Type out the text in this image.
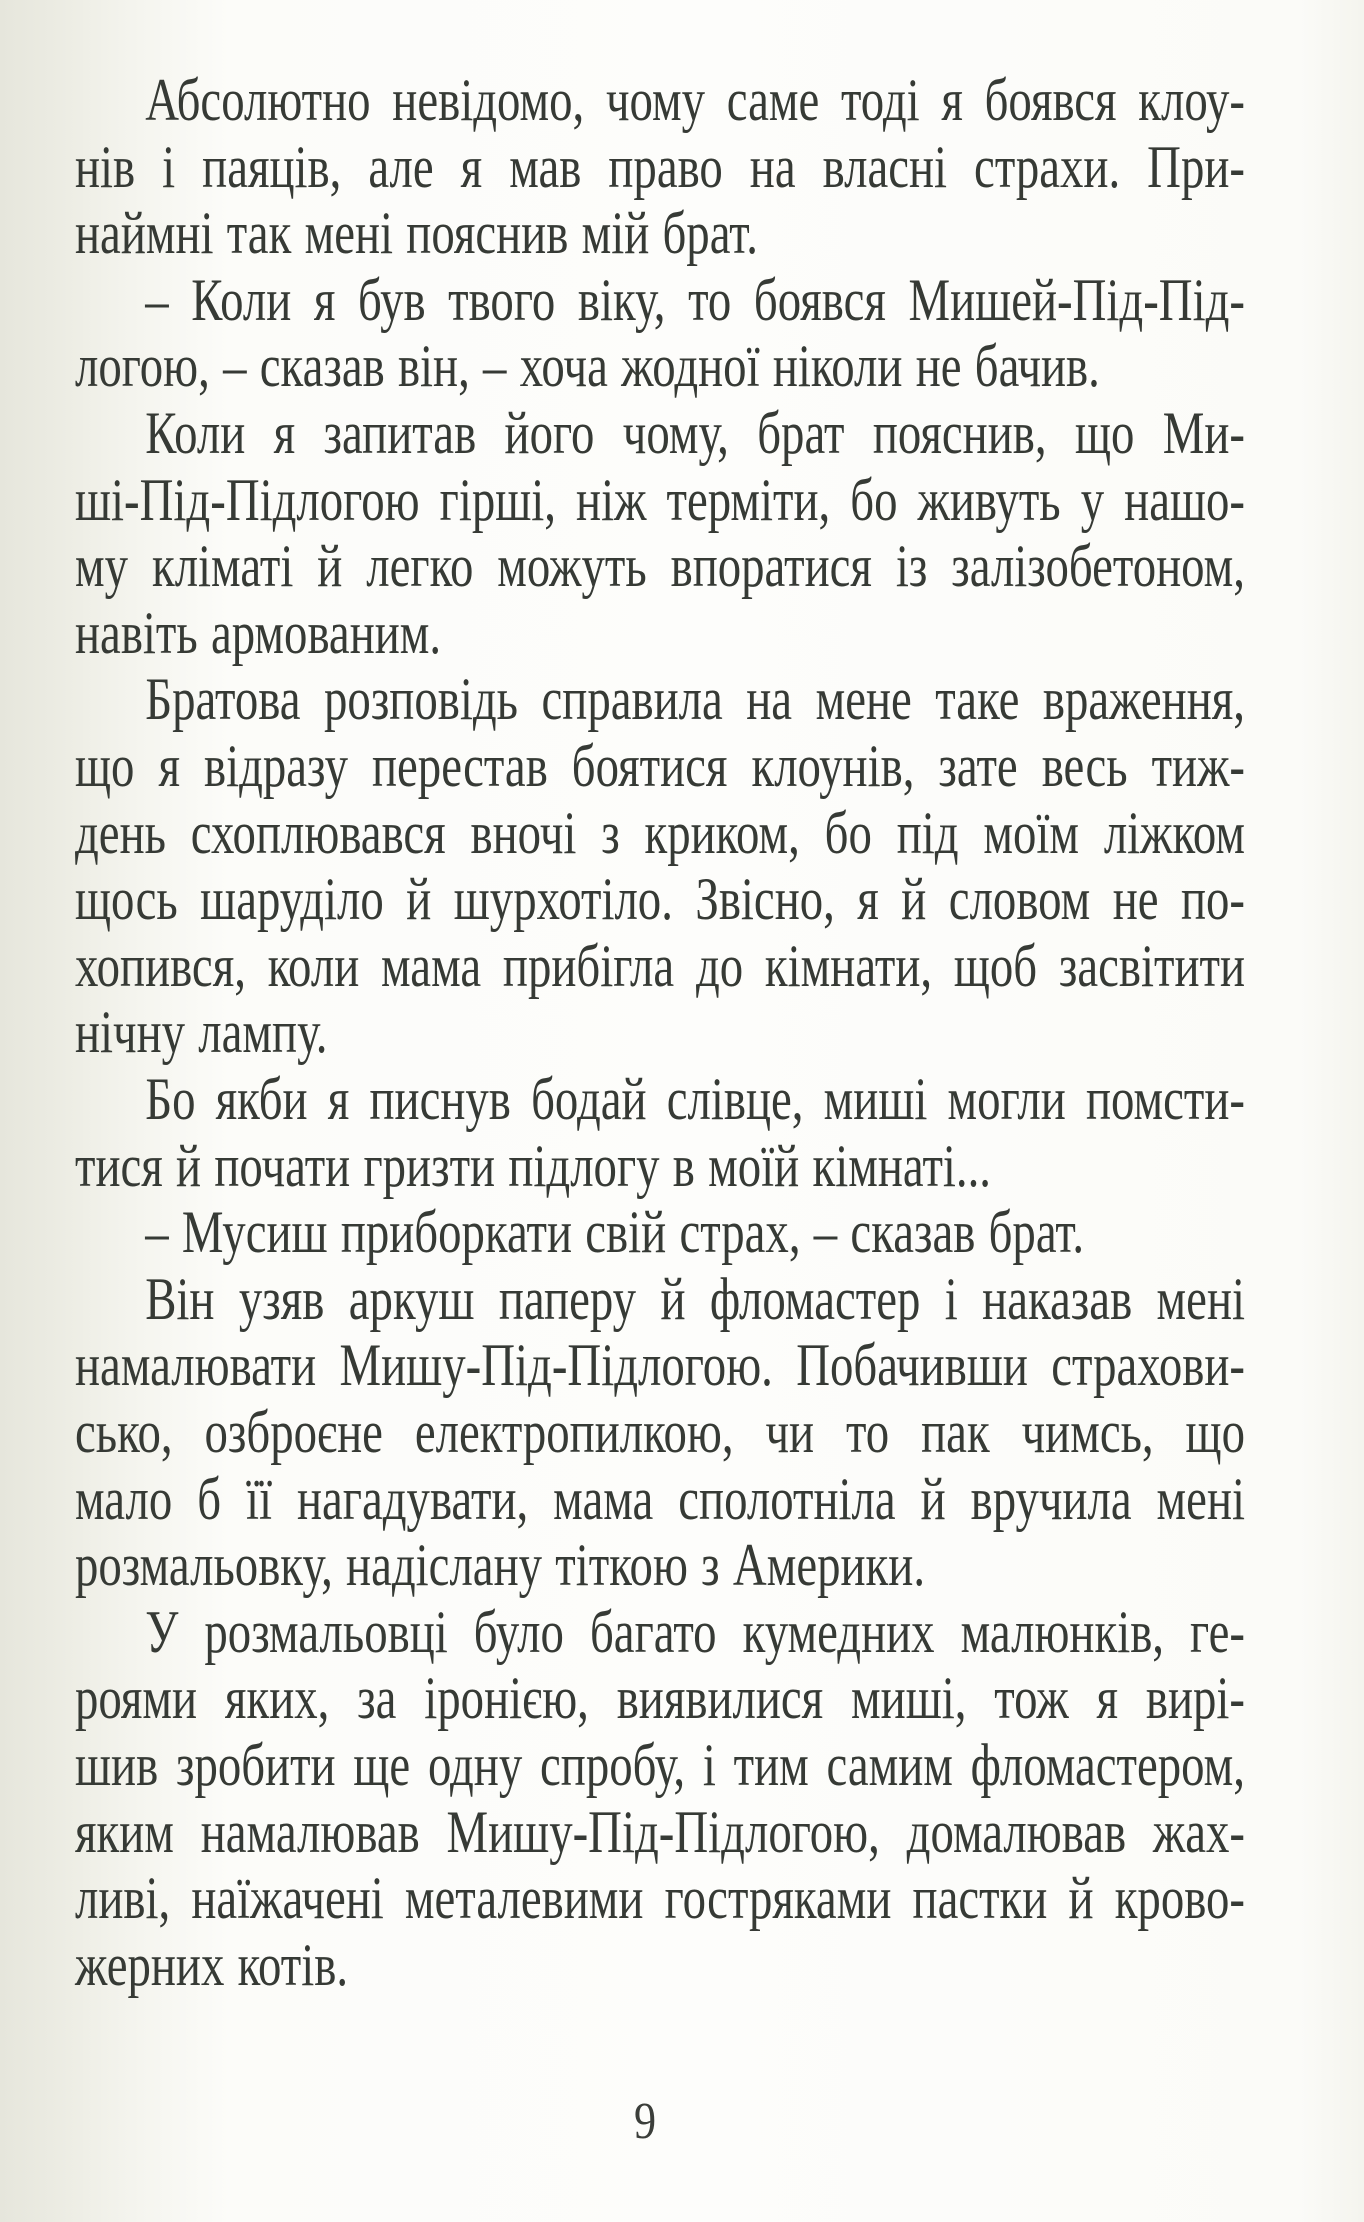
Абсолютно невідомо, чому саме тоді я боявся клоу-
нів і паяців, але я мав право на власні страхи. При-
наймні так мені пояснив мій брат.
– Коли я був твого віку, то боявся Мишей-Під-Під-
логою, – сказав він, – хоча жодної ніколи не бачив.
Коли я запитав його чому, брат пояснив, що Ми-
ші-Під-Підлогою гірші, ніж терміти, бо живуть у нашо-
му кліматі й легко можуть впоратися із залізобетоном,
навіть армованим.
Братова розповідь справила на мене таке враження,
що я відразу перестав боятися клоунів, зате весь тиж-
день схоплювався вночі з криком, бо під моїм ліжком
щось шаруділо й шурхотіло. Звісно, я й словом не по-
хопився, коли мама прибігла до кімнати, щоб засвітити
нічну лампу.
Бо якби я писнув бодай слівце, миші могли помсти-
тися й почати гризти підлогу в моїй кімнаті...
– Мусиш приборкати свій страх, – сказав брат.
Він узяв аркуш паперу й фломастер і наказав мені
намалювати Мишу-Під-Підлогою. Побачивши страхови-
сько, озброєне електропилкою, чи то пак чимсь, що
мало б її нагадувати, мама сполотніла й вручила мені
розмальовку, надіслану тіткою з Америки.
У розмальовці було багато кумедних малюнків, ге-
роями яких, за іронією, виявилися миші, тож я вирі-
шив зробити ще одну спробу, і тим самим фломастером,
яким намалював Мишу-Під-Підлогою, домалював жах-
ливі, наїжачені металевими гостряками пастки й крово-
жерних котів.
9
